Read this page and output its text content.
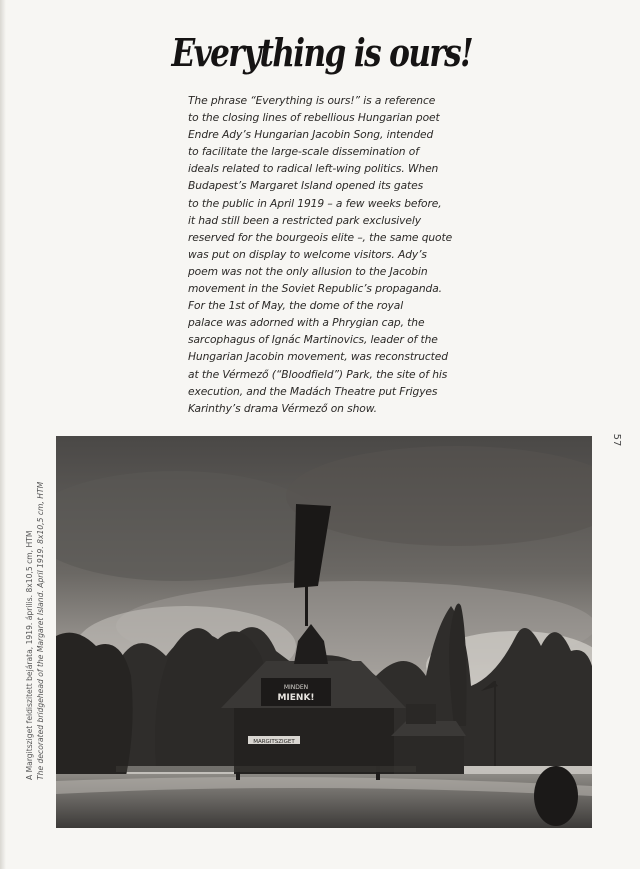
Everything is ours!

The phrase “Everything is ours!” is a reference
to the closing lines of rebellious Hungarian poet
Endre Ady’s Hungarian Jacobin Song, intended
to facilitate the large-scale dissemination of
ideals related to radical left-wing politics. When
Budapest’s Margaret Island opened its gates
to the public in April 1919 – a few weeks before,
it had still been a restricted park exclusively
reserved for the bourgeois elite –, the same quote
was put on display to welcome visitors. Ady’s
poem was not the only allusion to the Jacobin
movement in the Soviet Republic’s propaganda.
For the 1st of May, the dome of the royal
palace was adorned with a Phrygian cap, the
sarcophagus of Ignác Martinovics, leader of the
Hungarian Jacobin movement, was reconstructed
at the Vérmező (“Bloodfield”) Park, the site of his
execution, and the Madách Theatre put Frigyes
Karinthy’s drama Vérmező on show.

57
A Margitsziget feldiszitett bejárata, 1919. április. 8x10,5 cm, HTM The decorated bridgehead of the Margaret Island. April 1919. 8x10,5 cm, HTM	MINDEN
MIENK!
MARGITSZIGET
